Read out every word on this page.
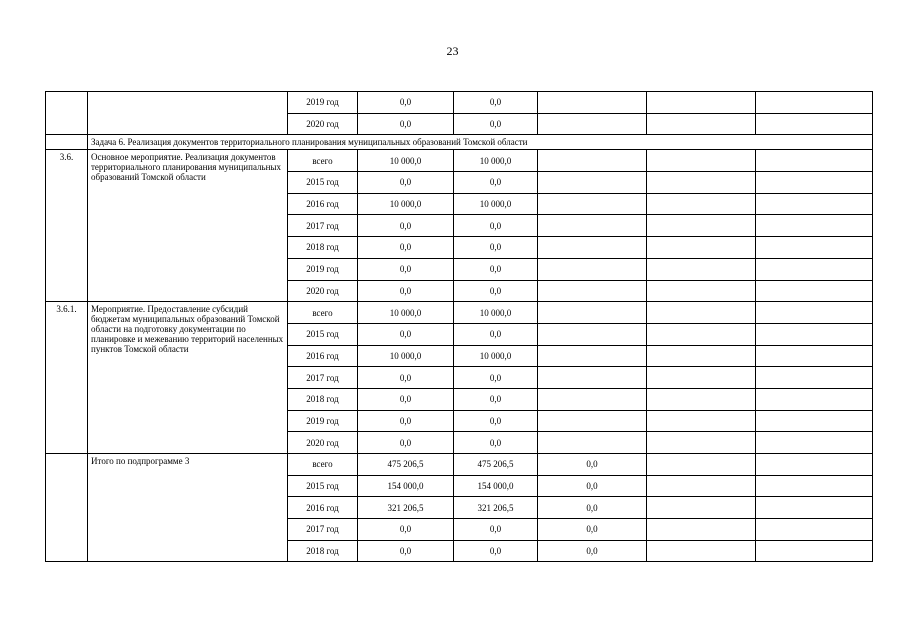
23
		2019 год	0,0	0,0				
		2020 год	0,0	0,0				
	Задача 6. Реализация документов территориального планирования муниципальных образований Томской области							
3.6.	Основное мероприятие. Реализация документов территориального планирования муниципальных образований Томской области	всего	10 000,0	10 000,0				
		2015 год	0,0	0,0				
		2016 год	10 000,0	10 000,0				
		2017 год	0,0	0,0				
		2018 год	0,0	0,0				
		2019 год	0,0	0,0				
		2020 год	0,0	0,0				
3.6.1.	Мероприятие. Предоставление субсидий бюджетам муниципальных образований Томской области на подготовку документации по планировке и межеванию территорий населенных пунктов Томской области	всего	10 000,0	10 000,0				
		2015 год	0,0	0,0				
		2016 год	10 000,0	10 000,0				
		2017 год	0,0	0,0				
		2018 год	0,0	0,0				
		2019 год	0,0	0,0				
		2020 год	0,0	0,0				
	Итого по подпрограмме 3	всего	475 206,5	475 206,5	0,0			
		2015 год	154 000,0	154 000,0	0,0			
		2016 год	321 206,5	321 206,5	0,0			
		2017 год	0,0	0,0	0,0			
		2018 год	0,0	0,0	0,0			
